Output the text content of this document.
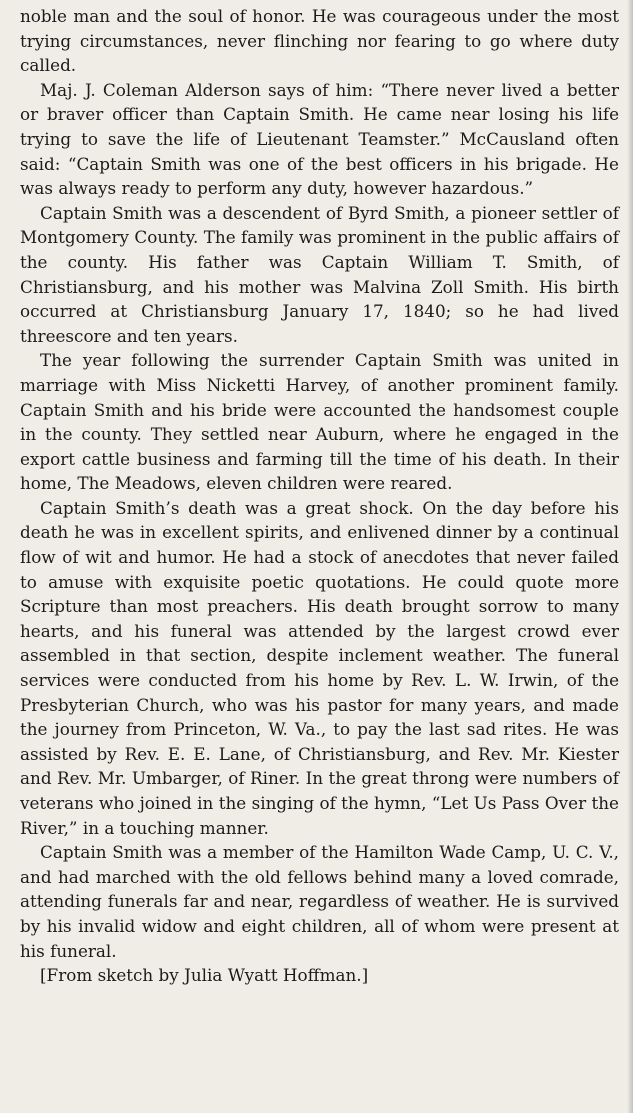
noble man and the soul of honor. He was courageous under the most trying circumstances, never flinching nor fearing to go where duty called.

Maj. J. Coleman Alderson says of him: “There never lived a better or braver officer than Captain Smith. He came near losing his life trying to save the life of Lieutenant Teamster.” McCausland often said: “Captain Smith was one of the best officers in his brigade. He was always ready to perform any duty, however hazardous.”

Captain Smith was a descendent of Byrd Smith, a pioneer settler of Montgomery County. The family was prominent in the public affairs of the county. His father was Captain William T. Smith, of Christiansburg, and his mother was Malvina Zoll Smith. His birth occurred at Christiansburg January 17, 1840; so he had lived threescore and ten years.

The year following the surrender Captain Smith was united in marriage with Miss Nicketti Harvey, of another prominent family. Captain Smith and his bride were accounted the handsomest couple in the county. They settled near Auburn, where he engaged in the export cattle business and farming till the time of his death. In their home, The Meadows, eleven children were reared.

Captain Smith’s death was a great shock. On the day before his death he was in excellent spirits, and enlivened dinner by a continual flow of wit and humor. He had a stock of anecdotes that never failed to amuse with exquisite poetic quotations. He could quote more Scripture than most preachers. His death brought sorrow to many hearts, and his funeral was attended by the largest crowd ever assembled in that section, despite inclement weather. The funeral services were conducted from his home by Rev. L. W. Irwin, of the Presbyterian Church, who was his pastor for many years, and made the journey from Princeton, W. Va., to pay the last sad rites. He was assisted by Rev. E. E. Lane, of Christiansburg, and Rev. Mr. Kiester and Rev. Mr. Umbarger, of Riner. In the great throng were numbers of veterans who joined in the singing of the hymn, “Let Us Pass Over the River,” in a touching manner.

Captain Smith was a member of the Hamilton Wade Camp, U. C. V., and had marched with the old fellows behind many a loved comrade, attending funerals far and near, regardless of weather. He is survived by his invalid widow and eight children, all of whom were present at his funeral.

[From sketch by Julia Wyatt Hoffman.]
